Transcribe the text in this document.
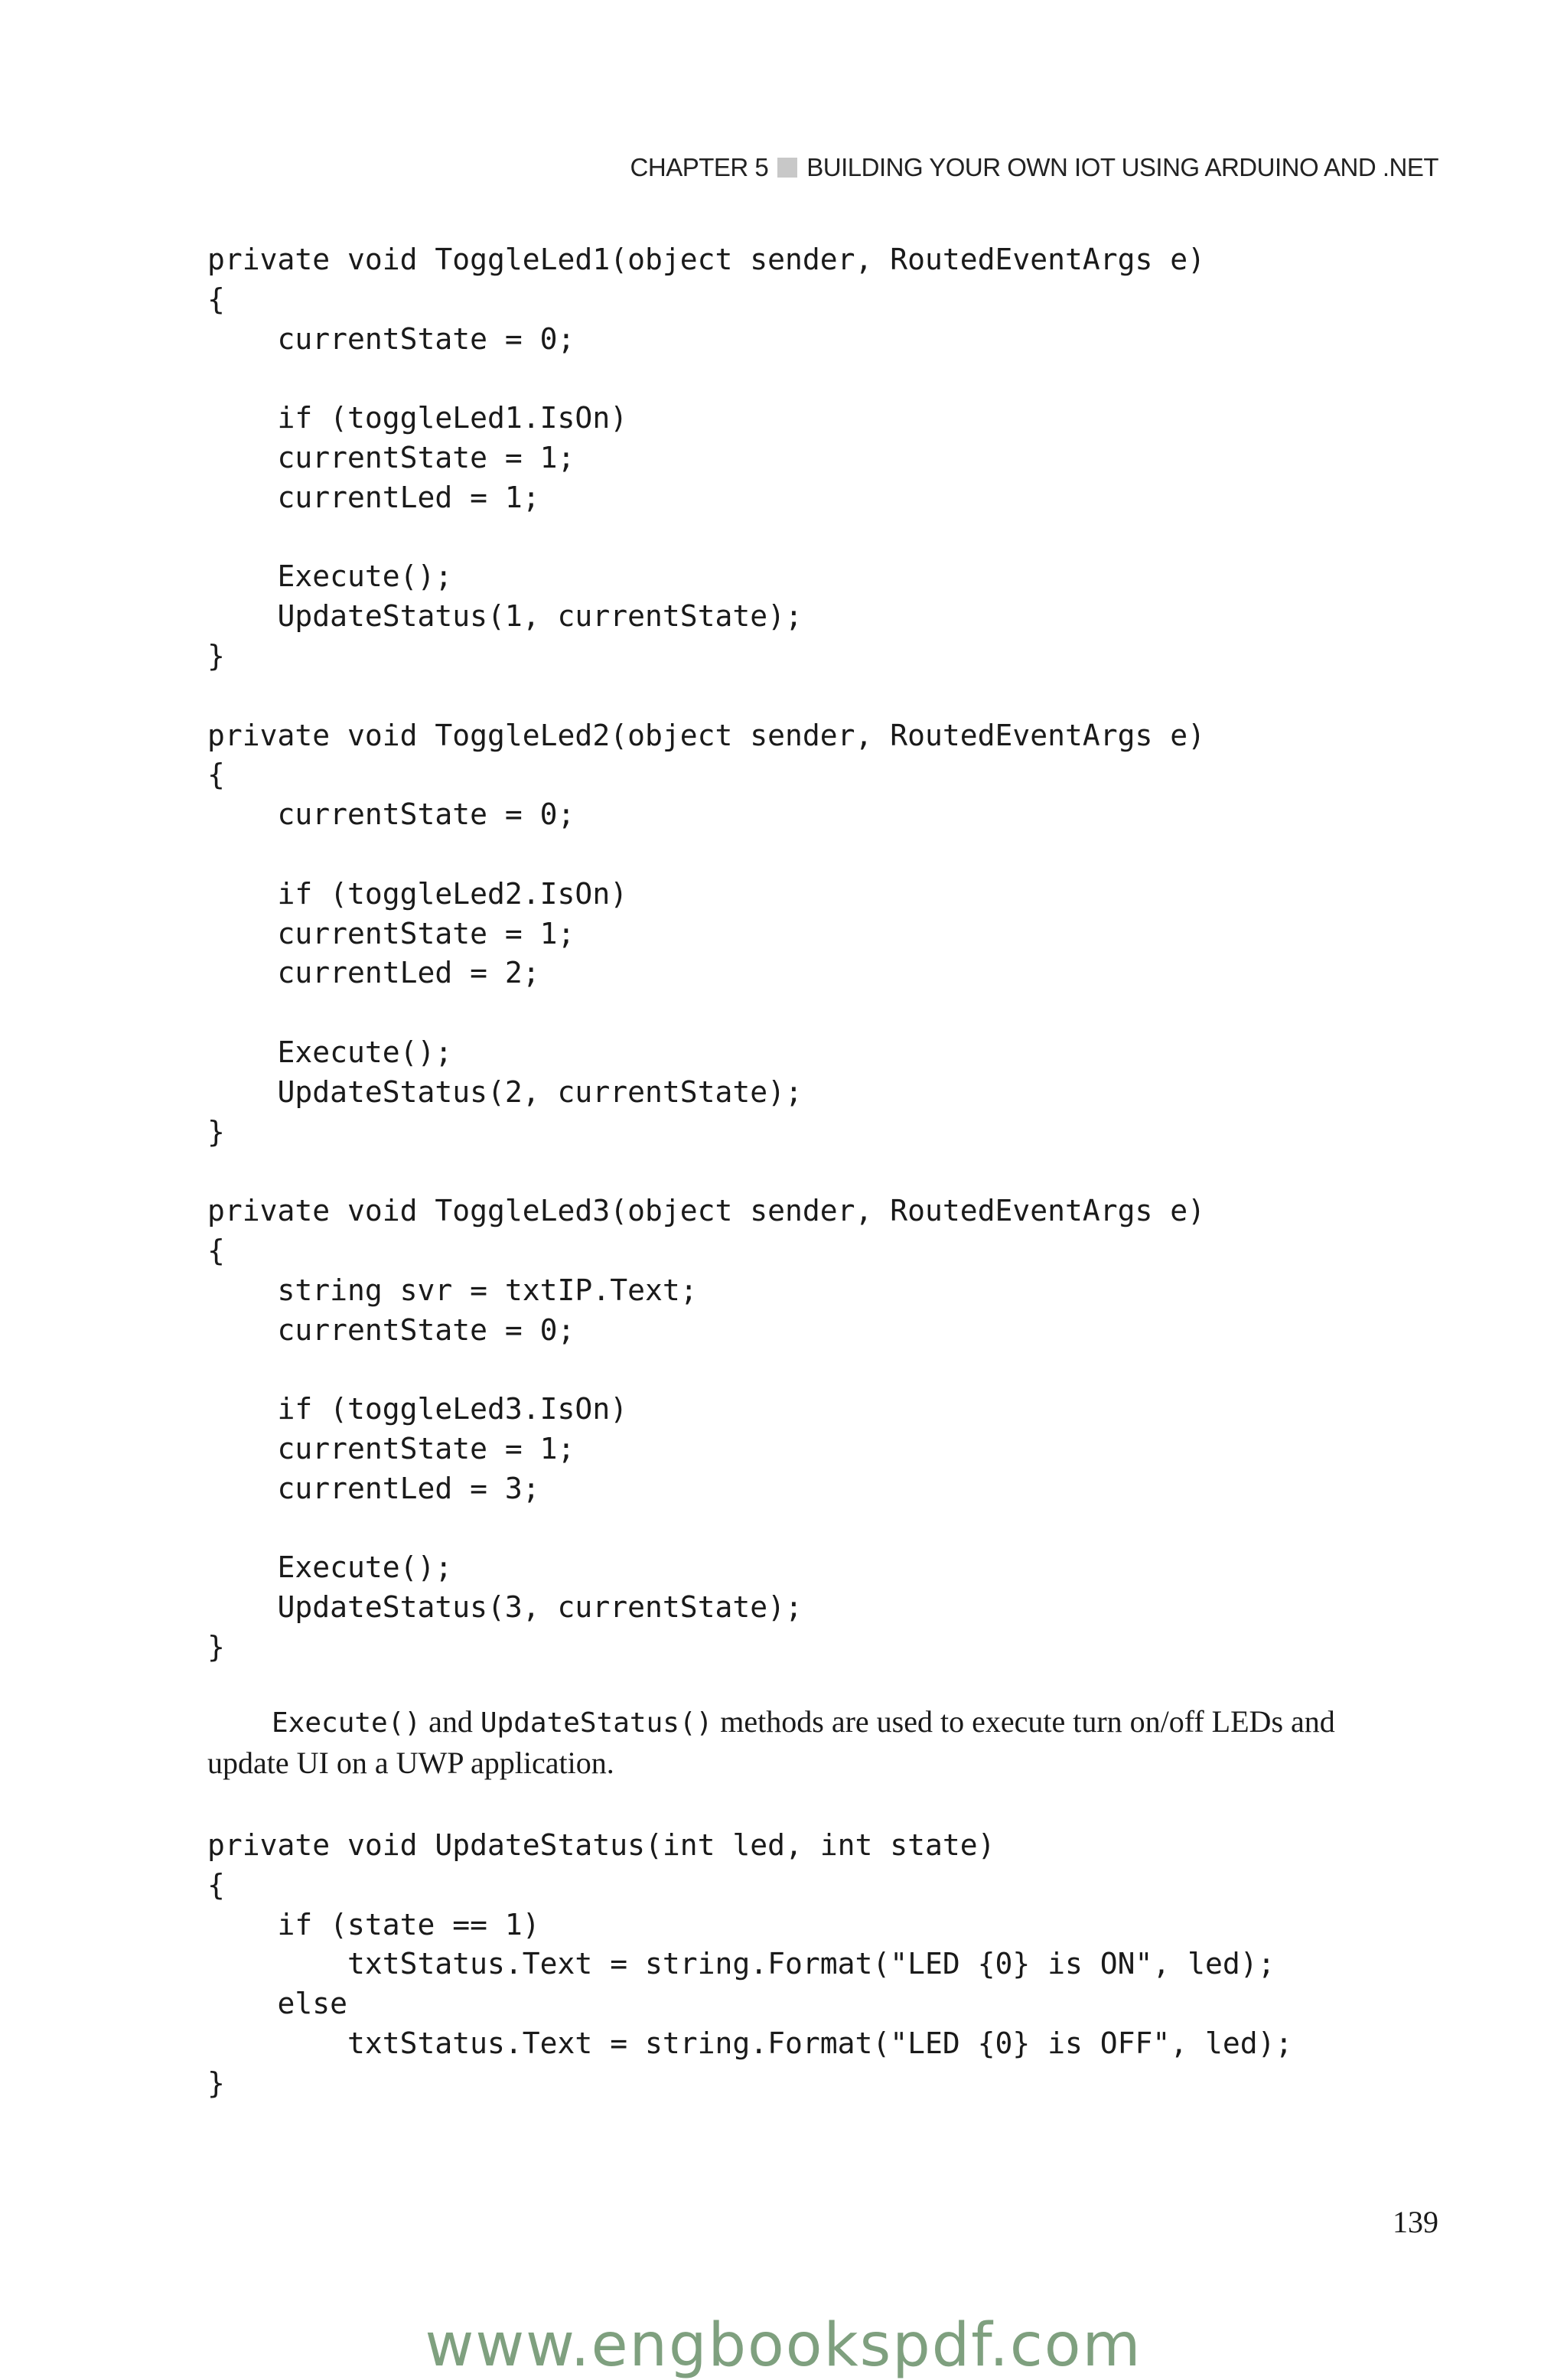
CHAPTER 5 BUILDING YOUR OWN IOT USING ARDUINO AND .NET
private void ToggleLed1(object sender, RoutedEventArgs e)
{
currentState = 0;

if (toggleLed1.IsOn)
currentState = 1;
currentLed = 1;

Execute();
UpdateStatus(1, currentState);
}

private void ToggleLed2(object sender, RoutedEventArgs e)
{
currentState = 0;

if (toggleLed2.IsOn)
currentState = 1;
currentLed = 2;

Execute();
UpdateStatus(2, currentState);
}

private void ToggleLed3(object sender, RoutedEventArgs e)
{
string svr = txtIP.Text;
currentState = 0;

if (toggleLed3.IsOn)
currentState = 1;
currentLed = 3;

Execute();
UpdateStatus(3, currentState);
}
Execute() and UpdateStatus() methods are used to execute turn on/off LEDs and update UI on a UWP application.
private void UpdateStatus(int led, int state)
{
if (state == 1)
txtStatus.Text = string.Format("LED {0} is ON", led);
else
txtStatus.Text = string.Format("LED {0} is OFF", led);
}
139
www.engbookspdf.com
